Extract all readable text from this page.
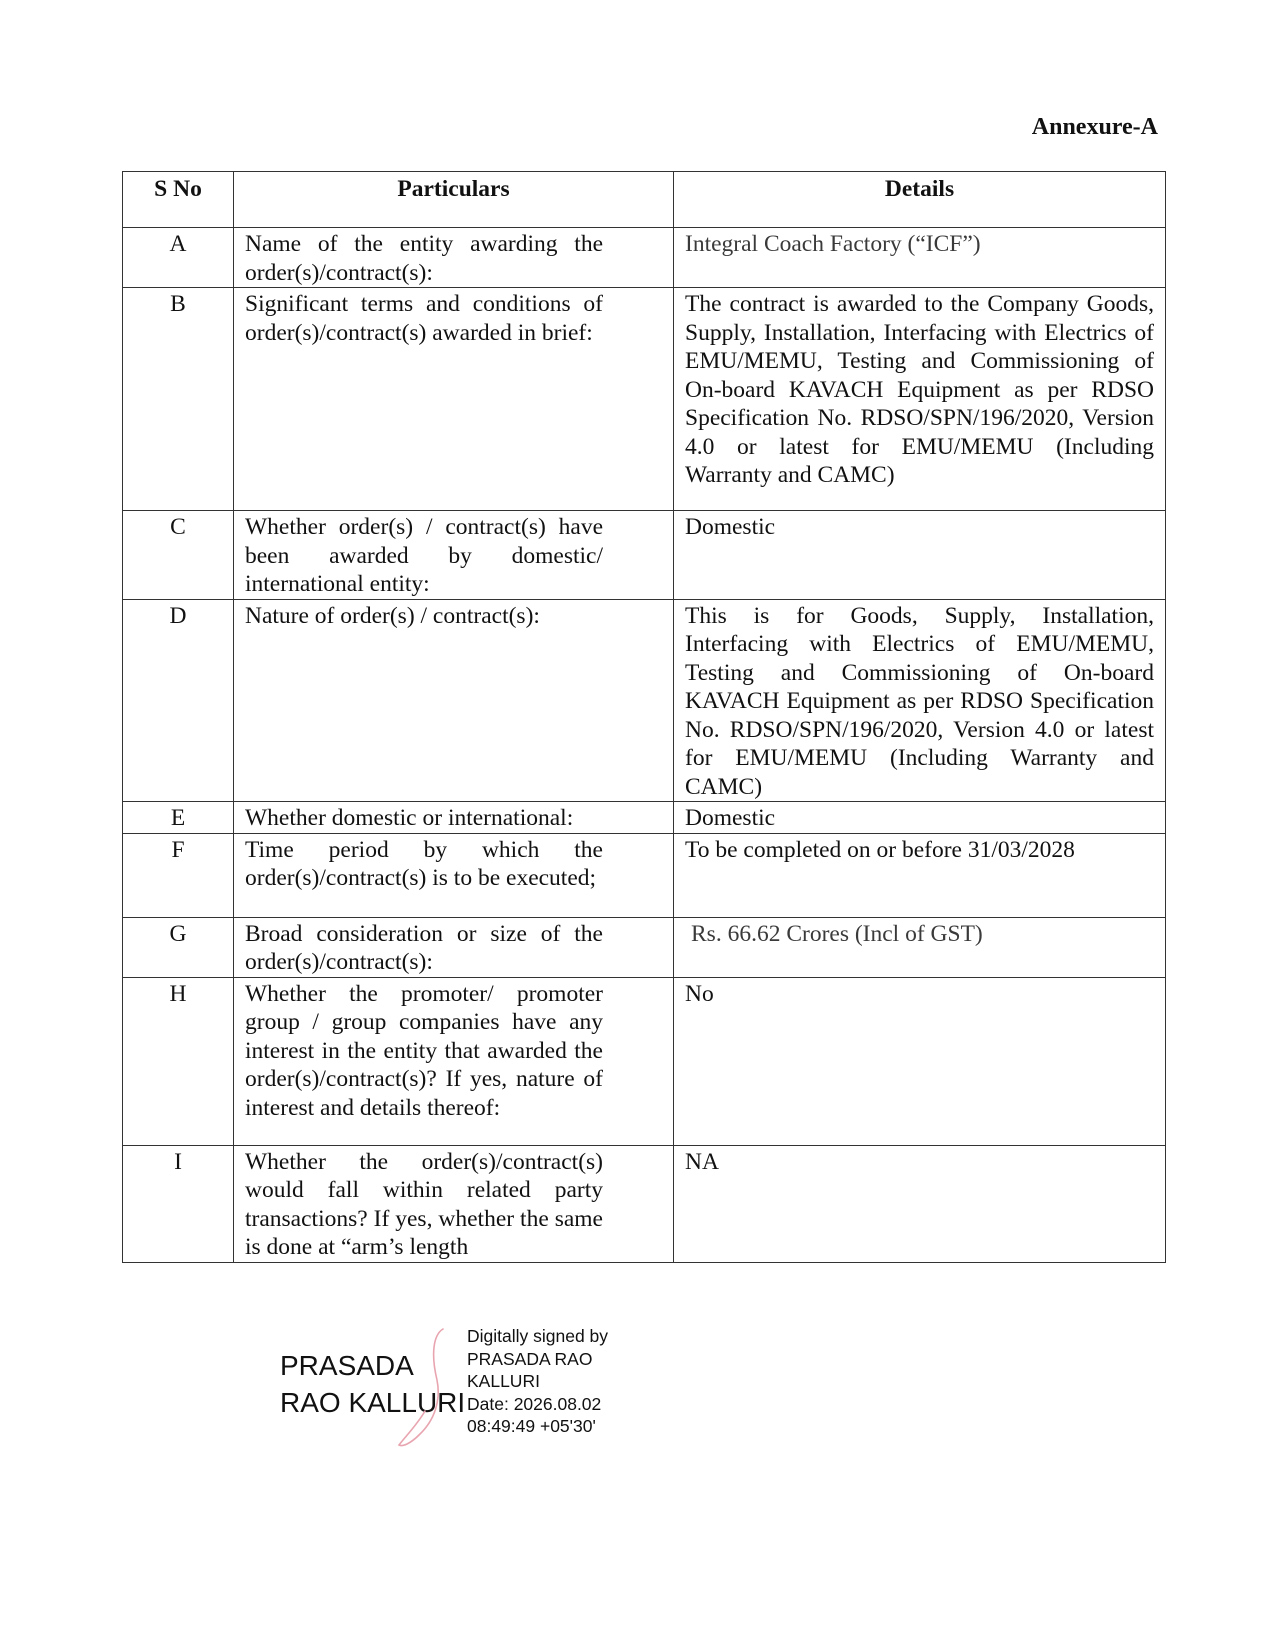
Annexure-A
S No	Particulars	Details
A	Name of the entity awarding the order(s)/contract(s):	Integral Coach Factory (“ICF”)
B	Significant terms and conditions of order(s)/contract(s) awarded in brief:	The contract is awarded to the Company Goods, Supply, Installation, Interfacing with Electrics of EMU/MEMU, Testing and Commissioning of On-board KAVACH Equipment as per RDSO Specification No. RDSO/SPN/196/2020, Version 4.0 or latest for EMU/MEMU (Including Warranty and CAMC)
C	Whether order(s) / contract(s) have been awarded by domestic/ international entity:	Domestic
D	Nature of order(s) / contract(s):	This is for Goods, Supply, Installation, Interfacing with Electrics of EMU/MEMU, Testing and Commissioning of On-board KAVACH Equipment as per RDSO Specification No. RDSO/SPN/196/2020, Version 4.0 or latest for EMU/MEMU (Including Warranty and CAMC)
E	Whether domestic or international:	Domestic
F	Time period by which the order(s)/contract(s) is to be executed;	To be completed on or before 31/03/2028
G	Broad consideration or size of the order(s)/contract(s):	Rs. 66.62 Crores (Incl of GST)
H	Whether the promoter/ promoter group / group companies have any interest in the entity that awarded the order(s)/contract(s)? If yes, nature of interest and details thereof:	No
I	Whether the order(s)/contract(s) would fall within related party transactions? If yes, whether the same is done at “arm’s length	NA
PRASADA
RAO KALLURI
Digitally signed by
PRASADA RAO
KALLURI
Date: 2026.08.02
08:49:49 +05'30'
